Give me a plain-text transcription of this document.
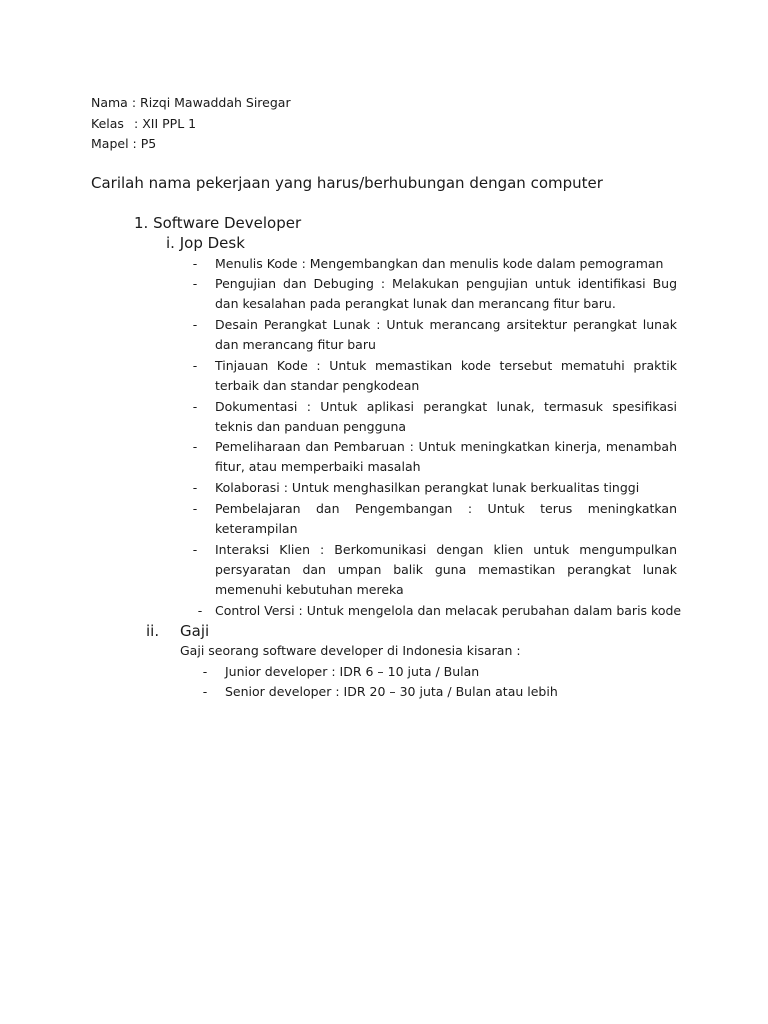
Nama : Rizqi Mawaddah Siregar
Kelas : XII PPL 1
Mapel : P5
Carilah nama pekerjaan yang harus/berhubungan dengan computer
1. Software Developer
i. Jop Desk
- Menulis Kode : Mengembangkan dan menulis kode dalam pemograman
- Pengujian dan Debuging : Melakukan pengujian untuk identifikasi Bug dan kesalahan pada perangkat lunak dan merancang fitur baru.
- Desain Perangkat Lunak : Untuk merancang arsitektur perangkat lunak dan merancang fitur baru
- Tinjauan Kode : Untuk memastikan kode tersebut mematuhi praktik terbaik dan standar pengkodean
- Dokumentasi : Untuk aplikasi perangkat lunak, termasuk spesifikasi teknis dan panduan pengguna
- Pemeliharaan dan Pembaruan : Untuk meningkatkan kinerja, menambah fitur, atau memperbaiki masalah
- Kolaborasi : Untuk menghasilkan perangkat lunak berkualitas tinggi
- Pembelajaran dan Pengembangan : Untuk terus meningkatkan keterampilan
- Interaksi Klien : Berkomunikasi dengan klien untuk mengumpulkan persyaratan dan umpan balik guna memastikan perangkat lunak memenuhi kebutuhan mereka
- Control Versi : Untuk mengelola dan melacak perubahan dalam baris kode
ii. Gaji
Gaji seorang software developer di Indonesia kisaran :
- Junior developer : IDR 6 – 10 juta / Bulan
- Senior developer : IDR 20 – 30 juta / Bulan atau lebih
